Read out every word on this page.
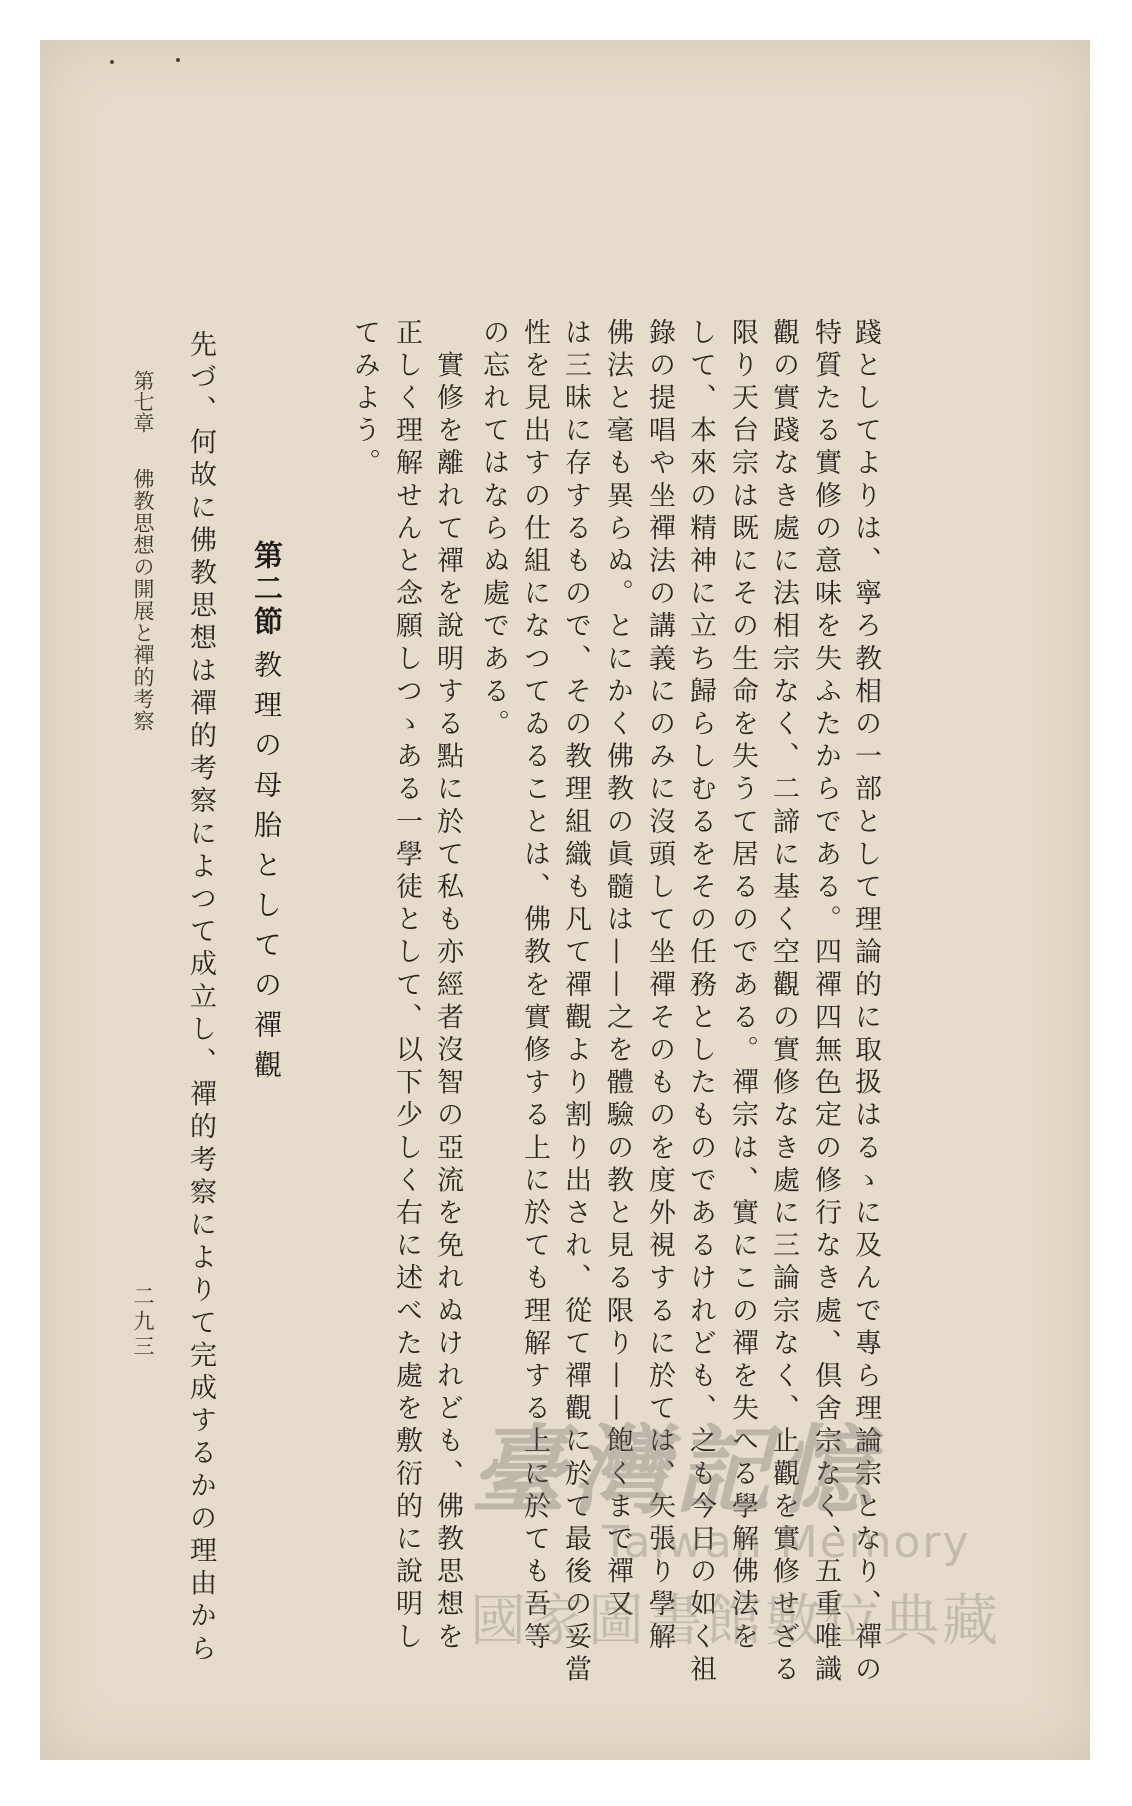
踐としてよりは、寧ろ教相の一部として理論的に取扱はるゝに及んで專ら理論宗となり、禪の
特質たる實修の意味を失ふたからである。四禪四無色定の修行なき處、倶舍宗なく、五重唯識
觀の實踐なき處に法相宗なく、二諦に基く空觀の實修なき處に三論宗なく、止觀を實修せざる
限り天台宗は既にその生命を失うて居るのである。禪宗は、實にこの禪を失へる學解佛法を
して、本來の精神に立ち歸らしむるをその任務としたものであるけれども、之も今日の如く祖
錄の提唱や坐禪法の講義にのみに沒頭して坐禪そのものを度外視するに於ては、矢張り學解
佛法と毫も異らぬ。とにかく佛教の眞髓は——之を體驗の教と見る限り——飽くまで禪又
は三昧に存するもので、その教理組織も凡て禪觀より割り出され、從て禪觀に於て最後の妥當
性を見出すの仕組になつてゐることは、佛教を實修する上に於ても理解する上に於ても吾等
の忘れてはならぬ處である。
　實修を離れて禪を說明する點に於て私も亦經者沒智の亞流を免れぬけれども、佛教思想を
正しく理解せんと念願しつゝある一學徒として、以下少しく右に述べた處を敷衍的に說明し
てみよう。
第二節
教理の母胎としての禪觀
先づ、何故に佛教思想は禪的考察によつて成立し、禪的考察によりて完成するかの理由から
第七章
佛教思想の開展と禪的考察
二九三
臺灣記憶
Taiwan Memory
國家圖書館數位典藏
